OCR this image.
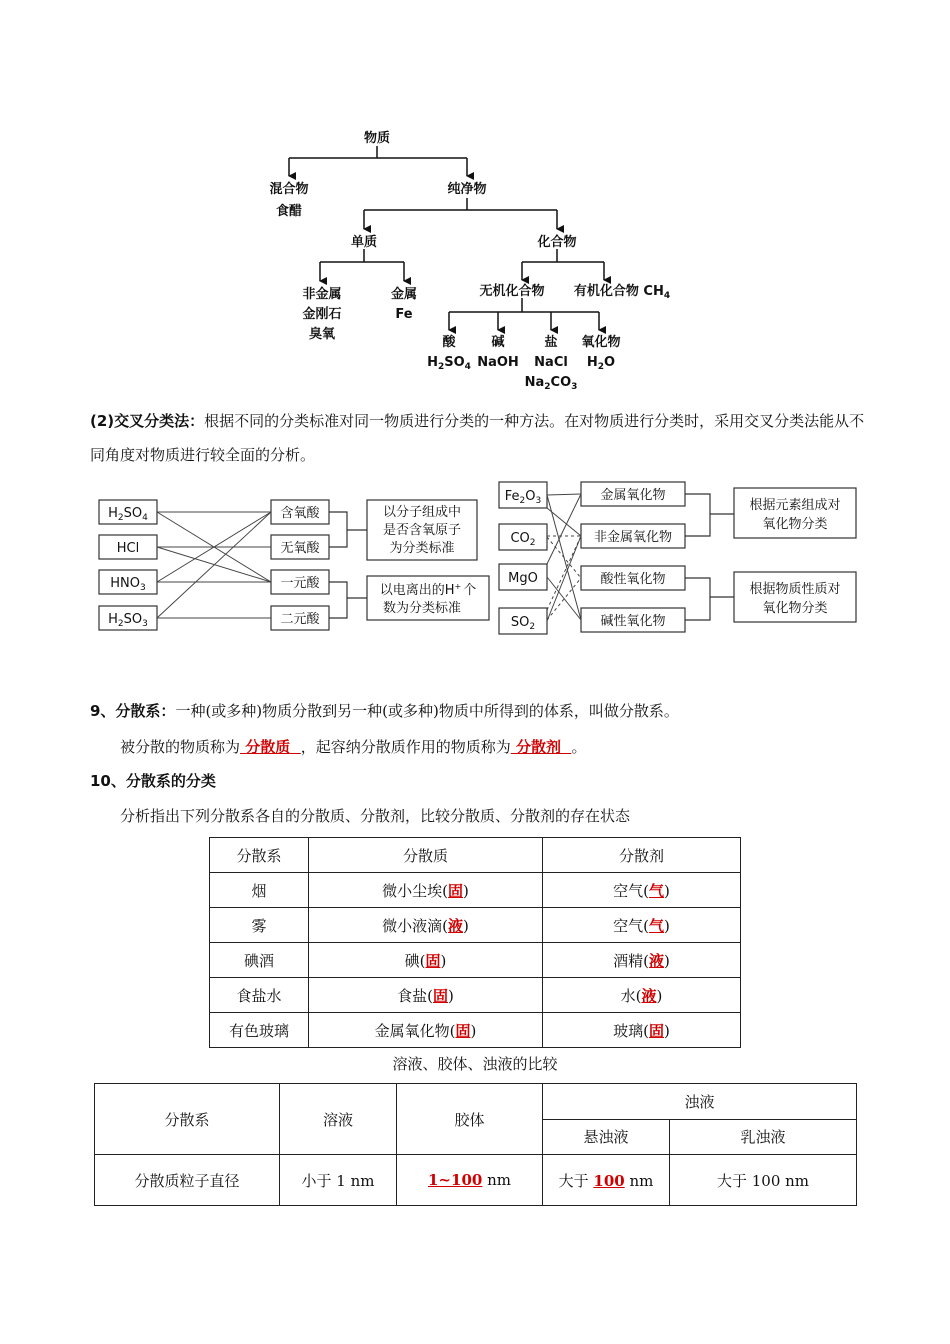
物质
混合物
食醋
纯净物
单质	化合物
非金属
金刚石
臭氧
金属
Fe
无机化合物 有机化合物 $CH_4$
酸	碱	盐 氧化物
$H_2SO_4$ NaOH NaCl
$Na_2CO_3$
$H_2O$
(2)交叉分类法：根据不同的分类标准对同一物质进行分类的一种方法。在对物质进行分类时，采用交叉分类法能从不同角度对物质进行较全面的分析。
$H_2SO_4$
HCl
$HNO_3$
$H_2SO_3$
含氧酸
无氧酸
一元酸
二元酸
以分子组成中
是否含氧原子
为分类标准
以电离出的H+ 个
数为分类标准
$Fe_2O_3$
$CO_2$
MgO
$SO_2$
金属氧化物
非金属氧化物
酸性氧化物
碱性氧化物
根据元素组成对
氧化物分类
根据物质性质对
氧化物分类
9、分散系：一种(或多种)物质分散到另一种(或多种)物质中所得到的体系，叫做分散系。
被分散的物质称为 分散质 ，起容纳分散质作用的物质称为 分散剂 。
10、分散系的分类
分析指出下列分散系各自的分散质、分散剂，比较分散质、分散剂的存在状态
分散系	分散质	分散剂
烟	微小尘埃(固)	空气(气)
雾	微小液滴(液)	空气(气)
碘酒	碘(固)	酒精(液)
食盐水	食盐(固)	水(液)
有色玻璃	金属氧化物(固)	玻璃(固)
溶液、胶体、浊液的比较
分散系	溶液	胶体	浊液	
			悬浊液	乳浊液
分散质粒子直径	小于 1 nm	1~100 nm	大于 100 nm	大于 100 nm
